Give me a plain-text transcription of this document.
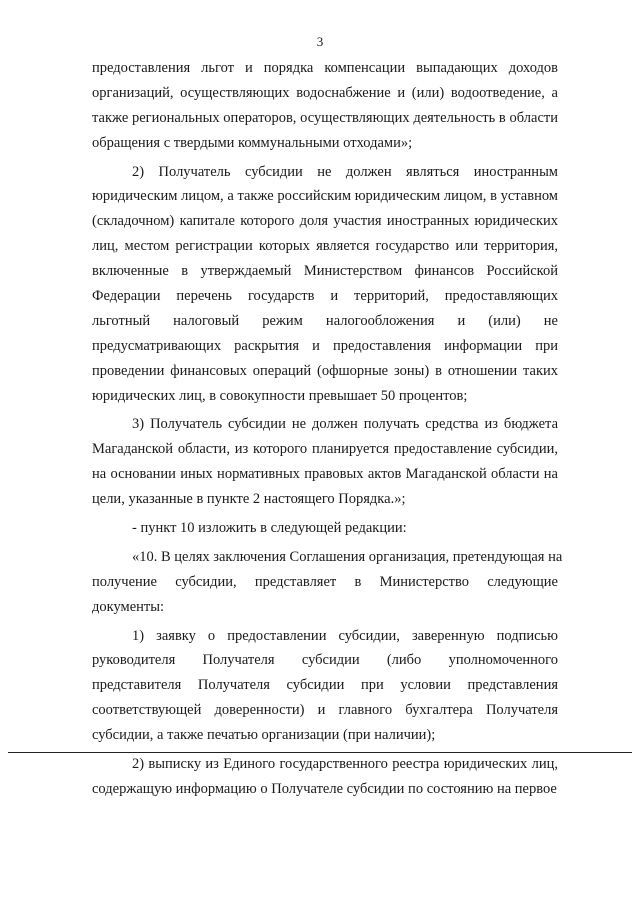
3
предоставления льгот и порядка компенсации выпадающих доходов
организаций, осуществляющих водоснабжение и (или) водоотведение, а
также региональных операторов, осуществляющих деятельность в области
обращения с твердыми коммунальными отходами»;
2) Получатель субсидии не должен являться иностранным
юридическим лицом, а также российским юридическим лицом, в уставном
(складочном) капитале которого доля участия иностранных юридических
лиц, местом регистрации которых является государство или территория,
включенные в утверждаемый Министерством финансов Российской
Федерации перечень государств и территорий, предоставляющих
льготный налоговый режим налогообложения и (или) не
предусматривающих раскрытия и предоставления информации при
проведении финансовых операций (офшорные зоны) в отношении таких
юридических лиц, в совокупности превышает 50 процентов;
3) Получатель субсидии не должен получать средства из бюджета
Магаданской области, из которого планируется предоставление субсидии,
на основании иных нормативных правовых актов Магаданской области на
цели, указанные в пункте 2 настоящего Порядка.»;
- пункт 10 изложить в следующей редакции:
«10. В целях заключения Соглашения организация, претендующая на
получение субсидии, представляет в Министерство следующие
документы:
1) заявку о предоставлении субсидии, заверенную подписью
руководителя Получателя субсидии (либо уполномоченного
представителя Получателя субсидии при условии представления
соответствующей доверенности) и главного бухгалтера Получателя
субсидии, а также печатью организации (при наличии);
2) выписку из Единого государственного реестра юридических лиц,
содержащую информацию о Получателе субсидии по состоянию на первое
